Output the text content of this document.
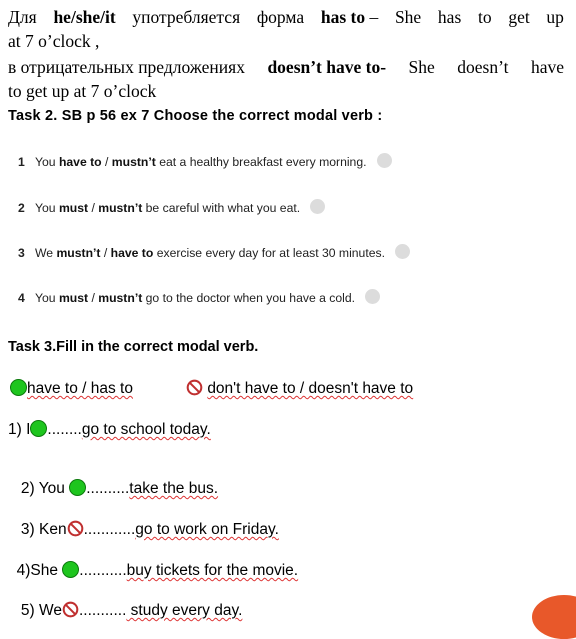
Для he/she/it употребляется форма has to – She has to get up
at 7 o’clock ,
в отрицательных предложениях doesn’t have to- She doesn’t have
to get up at 7 o’clock
Task 2. SB p 56 ex 7 Choose the correct modal verb :
1 You have to / mustn’t eat a healthy breakfast every morning.
2 You must / mustn’t be careful with what you eat.
3 We mustn’t / have to exercise every day for at least 30 minutes.
4 You must / mustn’t go to the doctor when you have a cold.
Task 3.Fill in the correct modal verb.
have to / has to	don't have to / doesn't have to
1) I ........go to school today.

2) You ..........take the bus.

3) Ken ............go to work on Friday.

4)She ...........buy tickets for the movie.

5) We ........... study every day.
